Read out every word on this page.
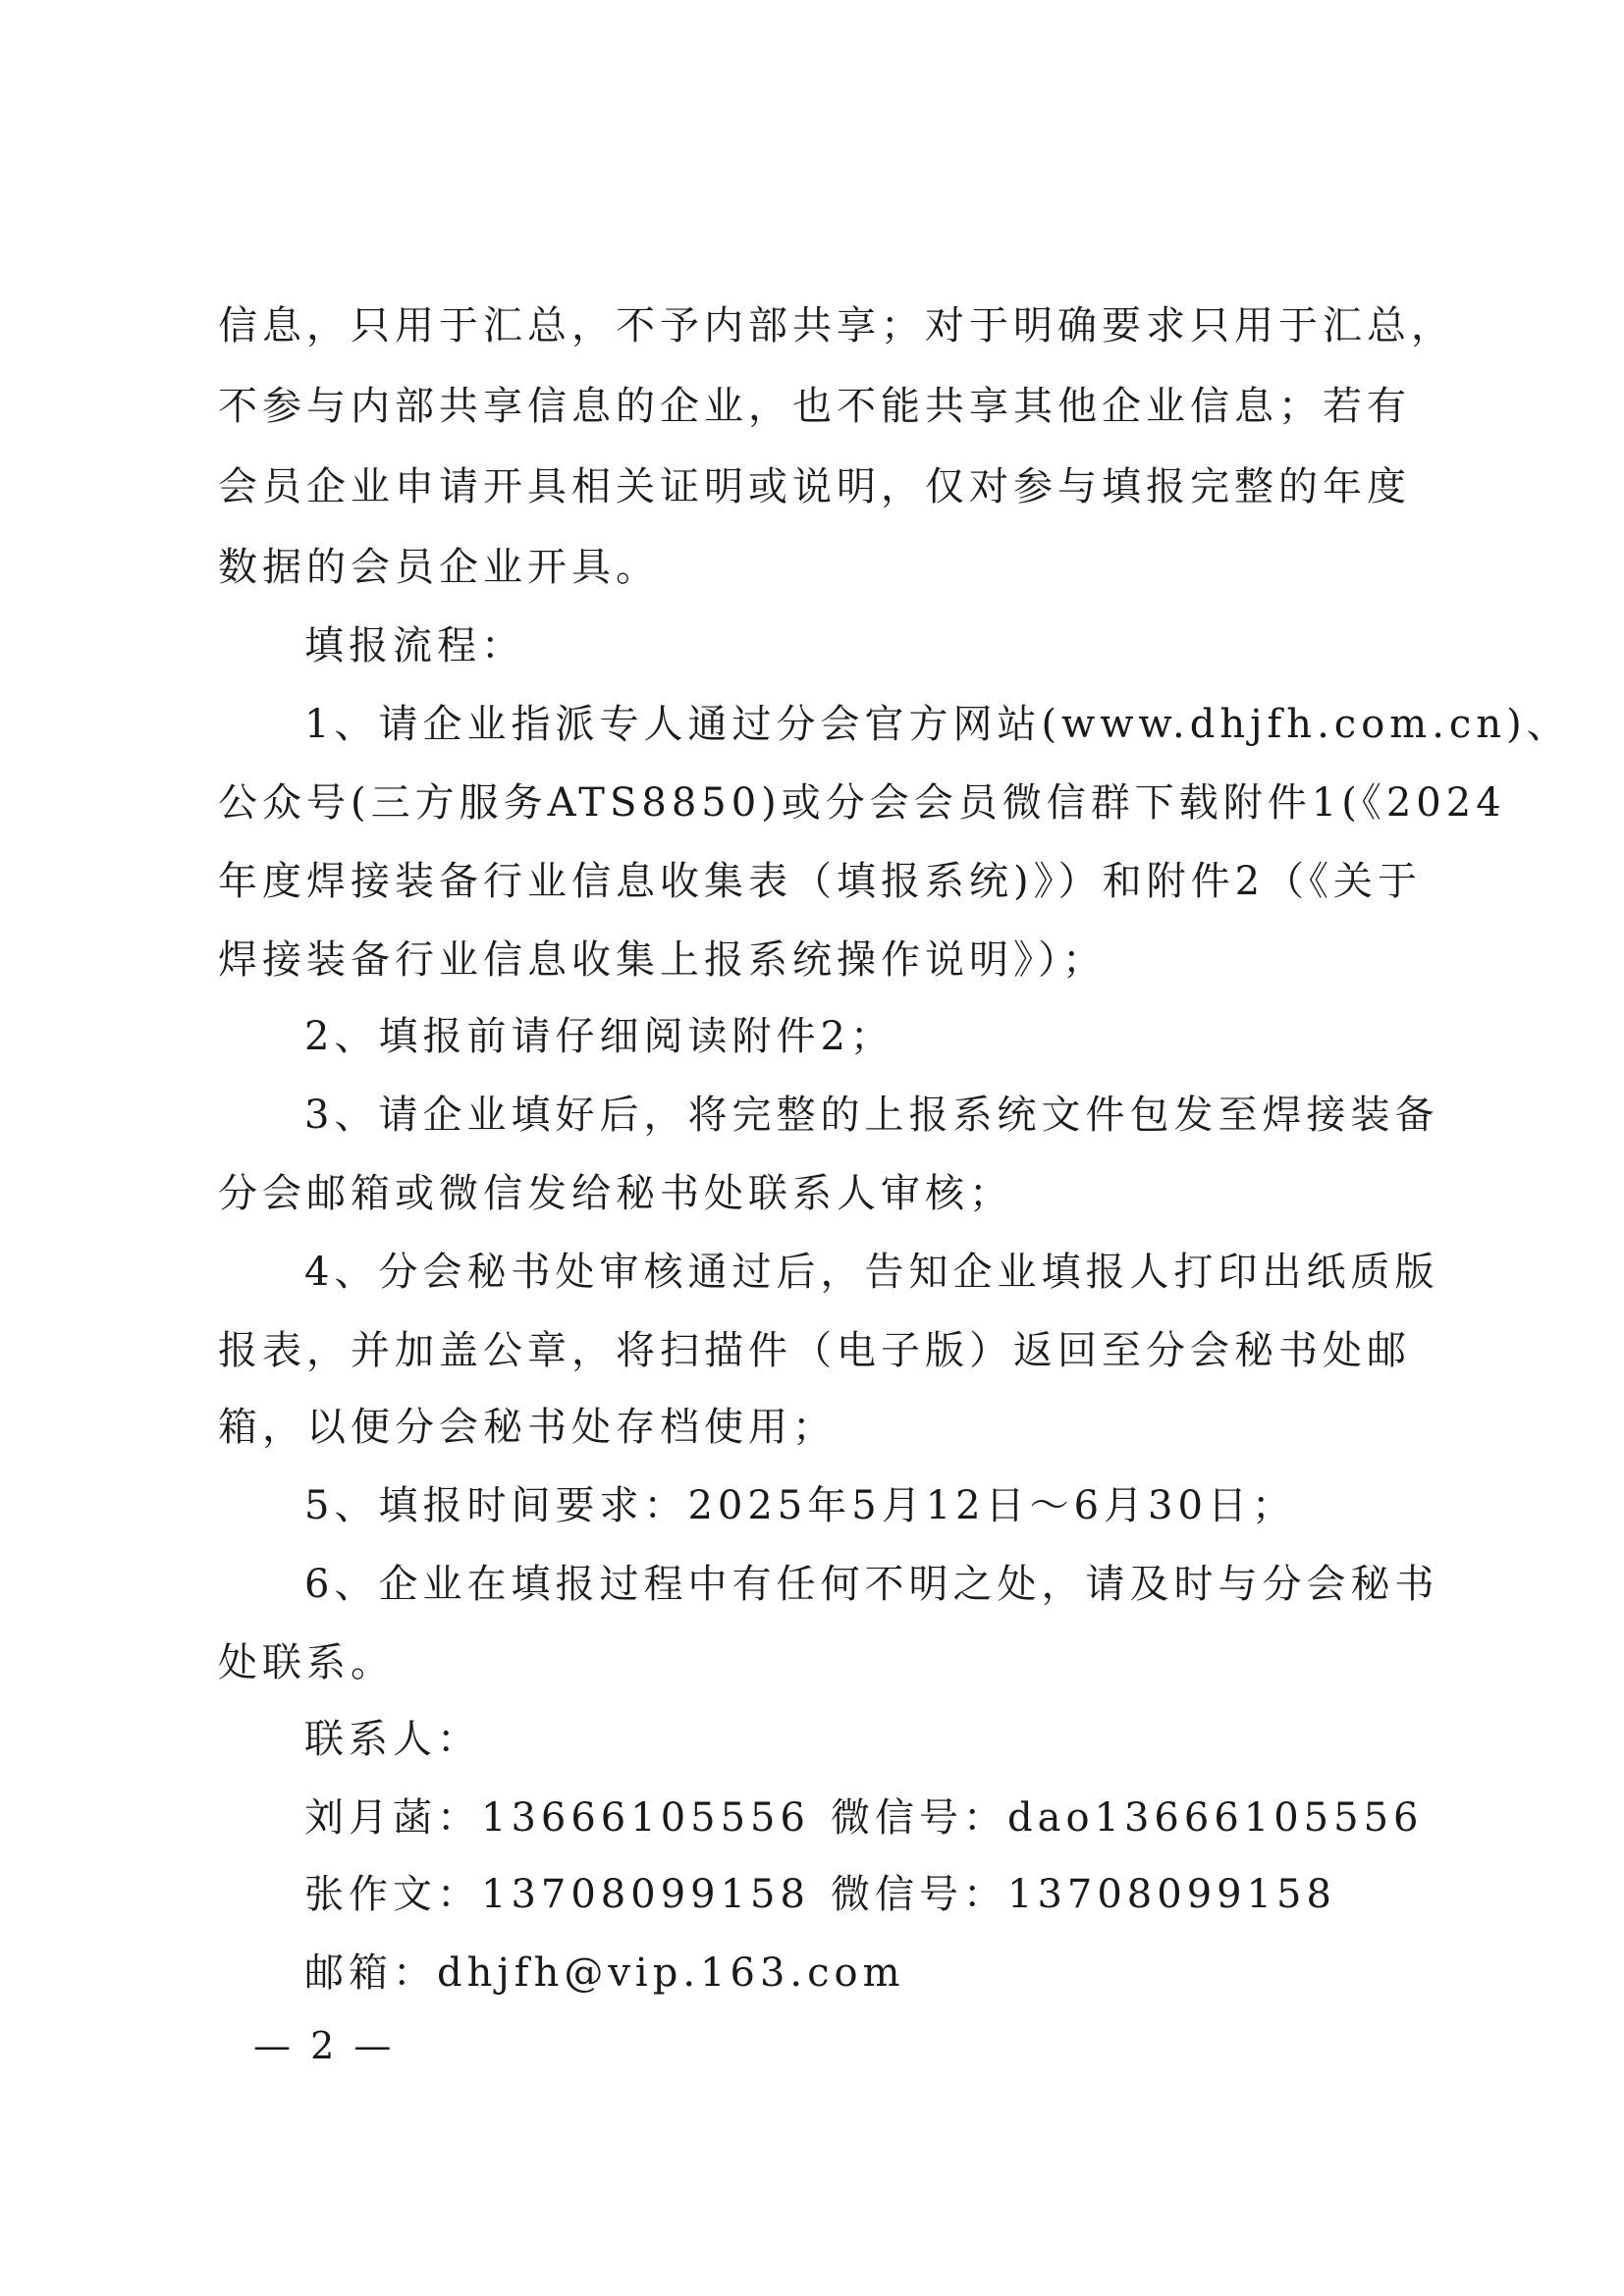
信息，只用于汇总，不予内部共享；对于明确要求只用于汇总，
不参与内部共享信息的企业，也不能共享其他企业信息；若有
会员企业申请开具相关证明或说明，仅对参与填报完整的年度
数据的会员企业开具。
填报流程：
1、请企业指派专人通过分会官方网站(www.dhjfh.com.cn)、
公众号(三方服务ATS8850)或分会会员微信群下载附件1(《2024
年度焊接装备行业信息收集表（填报系统)》）和附件2（《关于
焊接装备行业信息收集上报系统操作说明》）；
2、填报前请仔细阅读附件2；
3、请企业填好后，将完整的上报系统文件包发至焊接装备
分会邮箱或微信发给秘书处联系人审核；
4、分会秘书处审核通过后，告知企业填报人打印出纸质版
报表，并加盖公章，将扫描件（电子版）返回至分会秘书处邮
箱，以便分会秘书处存档使用；
5、填报时间要求：2025年5月12日～6月30日；
6、企业在填报过程中有任何不明之处，请及时与分会秘书
处联系。
联系人：
刘月菡：13666105556 微信号：dao13666105556
张作文：13708099158 微信号：13708099158
邮箱：dhjfh@vip.163.com
— 2 —
